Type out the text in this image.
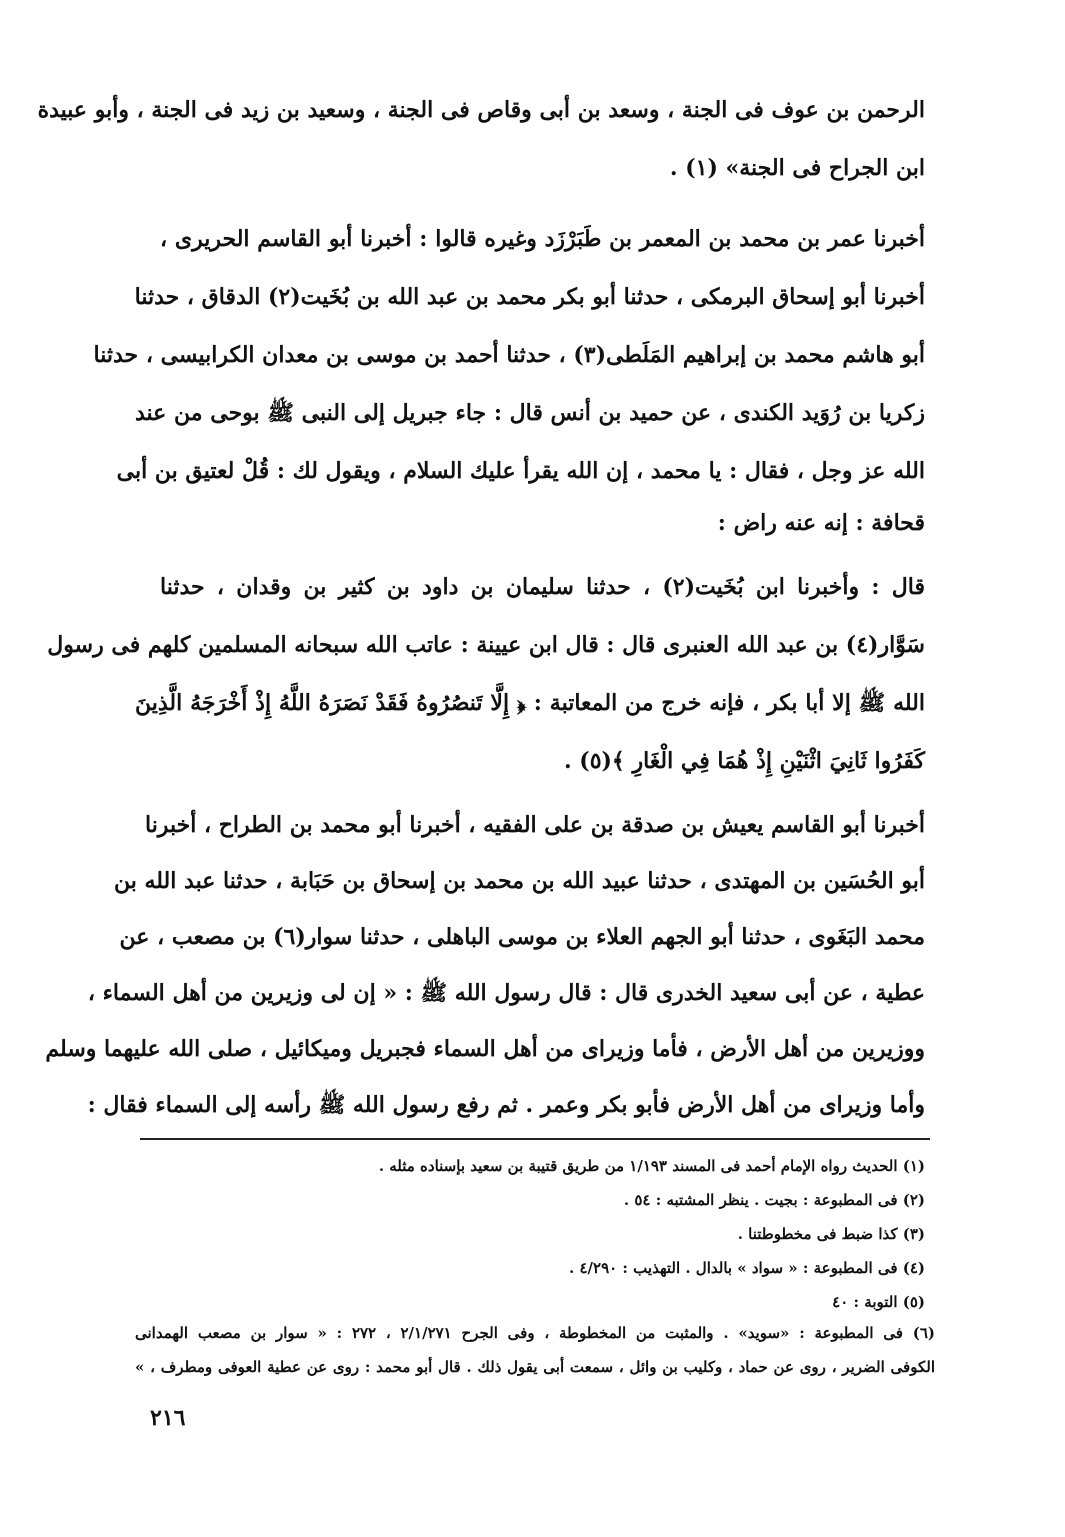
الرحمن بن عوف فى الجنة ، وسعد بن أبى وقاص فى الجنة ، وسعيد بن زيد فى الجنة ، وأبو عبيدة
ابن الجراح فى الجنة» (١) .
أخبرنا عمر بن محمد بن المعمر بن طَبَرْزَد وغيره قالوا : أخبرنا أبو القاسم الحريرى ،
أخبرنا أبو إسحاق البرمكى ، حدثنا أبو بكر محمد بن عبد الله بن بُخَيت(٢) الدقاق ، حدثنا
أبو هاشم محمد بن إبراهيم المَلَطى(٣) ، حدثنا أحمد بن موسى بن معدان الكرابيسى ، حدثنا
زكريا بن رُوَيد الكندى ، عن حميد بن أنس قال : جاء جبريل إلى النبى ﷺ بوحى من عند
الله عز وجل ، فقال : يا محمد ، إن الله يقرأ عليك السلام ، ويقول لك : قُلْ لعتيق بن أبى
قحافة : إنه عنه راض :
قال : وأخبرنا ابن بُخَيت(٢) ، حدثنا سليمان بن داود بن كثير بن وقدان ، حدثنا
سَوَّار(٤) بن عبد الله العنبرى قال : قال ابن عيينة : عاتب الله سبحانه المسلمين كلهم فى رسول
الله ﷺ إلا أبا بكر ، فإنه خرج من المعاتبة : ﴿ إِلَّا تَنصُرُوهُ فَقَدْ نَصَرَهُ اللَّهُ إِذْ أَخْرَجَهُ الَّذِينَ
كَفَرُوا ثَانِيَ اثْنَيْنِ إِذْ هُمَا فِي الْغَارِ ﴾(٥) .
أخبرنا أبو القاسم يعيش بن صدقة بن على الفقيه ، أخبرنا أبو محمد بن الطراح ، أخبرنا
أبو الحُسَين بن المهتدى ، حدثنا عبيد الله بن محمد بن إسحاق بن حَبَابة ، حدثنا عبد الله بن
محمد البَغَوى ، حدثنا أبو الجهم العلاء بن موسى الباهلى ، حدثنا سوار(٦) بن مصعب ، عن
عطية ، عن أبى سعيد الخدرى قال : قال رسول الله ﷺ : « إن لى وزيرين من أهل السماء ،
ووزيرين من أهل الأرض ، فأما وزيراى من أهل السماء فجبريل وميكائيل ، صلى الله عليهما وسلم
وأما وزيراى من أهل الأرض فأبو بكر وعمر . ثم رفع رسول الله ﷺ رأسه إلى السماء فقال :
(١) الحديث رواه الإمام أحمد فى المسند ١/١٩٣ من طريق قتيبة بن سعيد بإسناده مثله .
(٢) فى المطبوعة : بجيت . ينظر المشتبه : ٥٤ .
(٣) كذا ضبط فى مخطوطتنا .
(٤) فى المطبوعة : « سواد » بالدال . التهذيب : ٤/٢٩٠ .
(٥) التوبة : ٤٠
(٦) فى المطبوعة : «سويد» . والمثبت من المخطوطة ، وفى الجرح ٢/١/٢٧١ ، ٢٧٢ : « سوار بن مصعب الهمدانى
الكوفى الضرير ، روى عن حماد ، وكليب بن وائل ، سمعت أبى يقول ذلك . قال أبو محمد : روى عن عطية العوفى ومطرف ، »
٢١٦
